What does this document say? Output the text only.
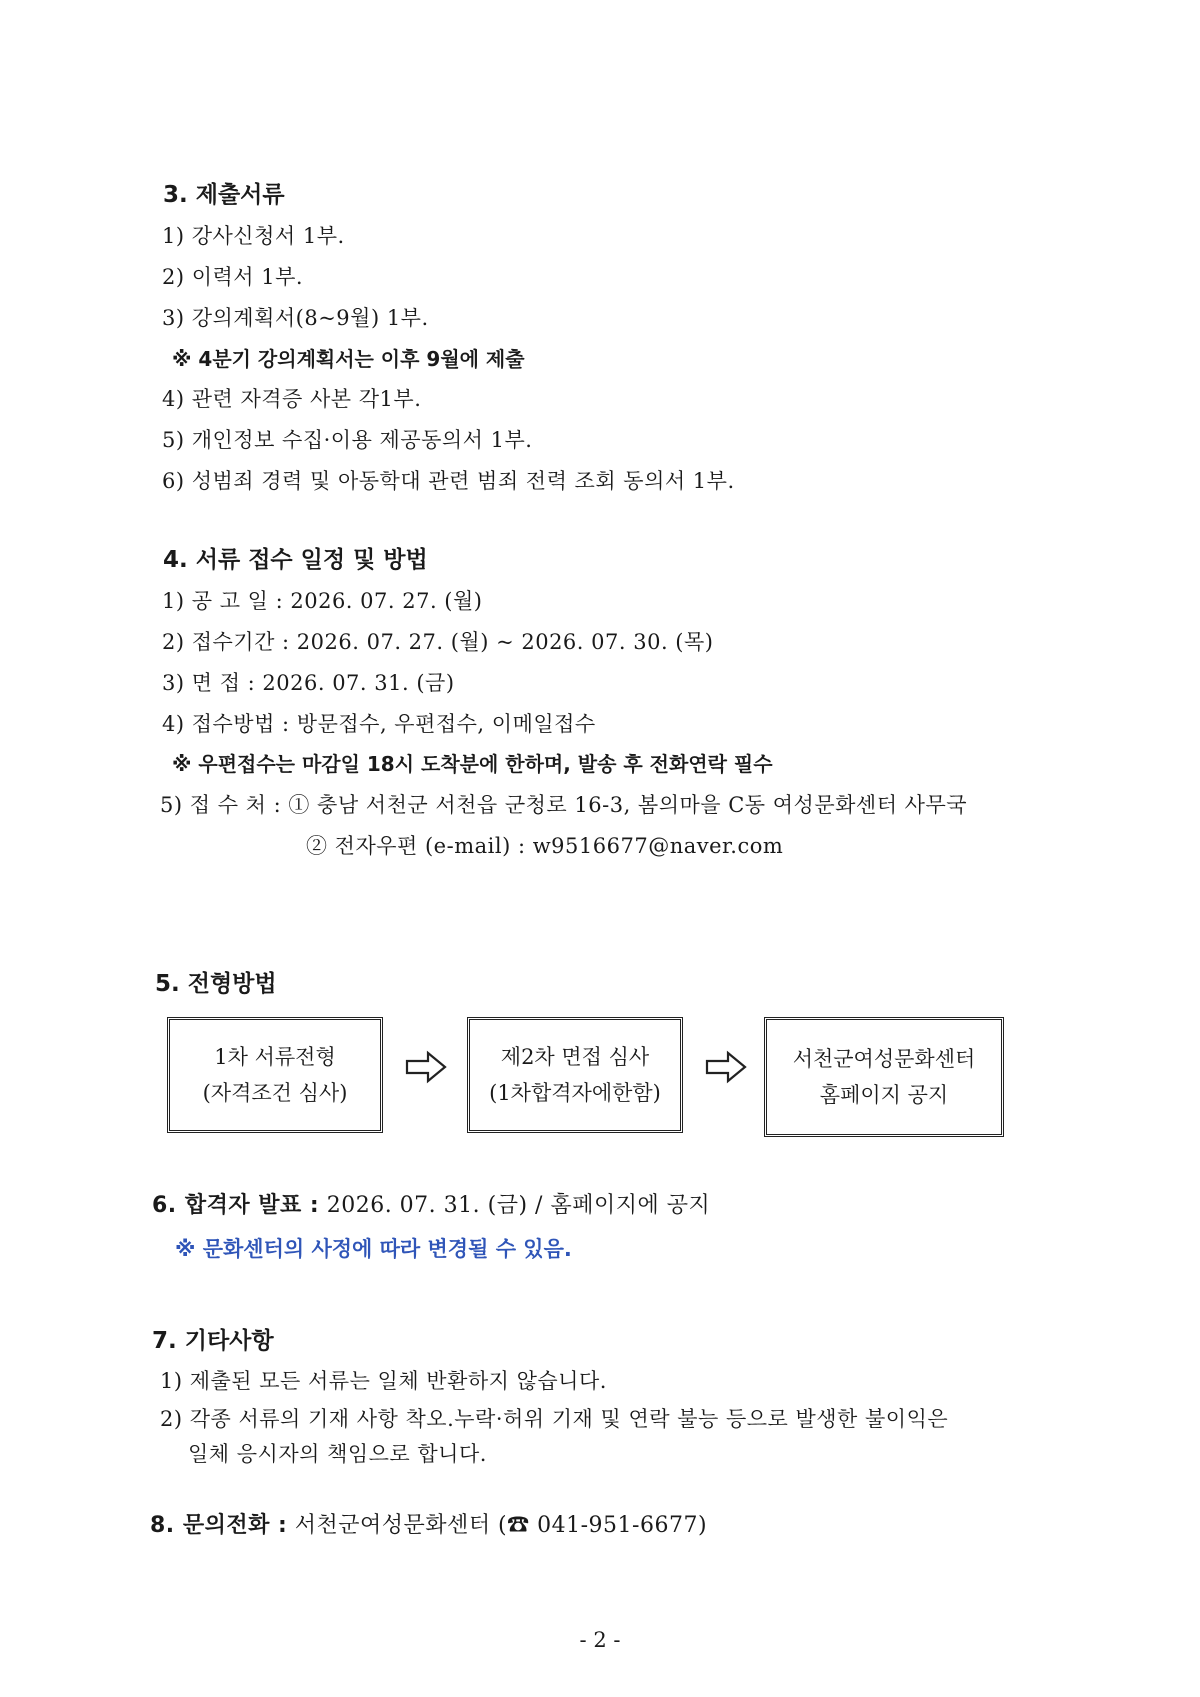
3. 제출서류
1) 강사신청서 1부.
2) 이력서 1부.
3) 강의계획서(8~9월) 1부.
※ 4분기 강의계획서는 이후 9월에 제출
4) 관련 자격증 사본 각1부.
5) 개인정보 수집·이용 제공동의서 1부.
6) 성범죄 경력 및 아동학대 관련 범죄 전력 조회 동의서 1부.
4. 서류 접수 일정 및 방법
1) 공 고 일 : 2026. 07. 27. (월)
2) 접수기간 : 2026. 07. 27. (월) ~ 2026. 07. 30. (목)
3) 면 접 : 2026. 07. 31. (금)
4) 접수방법 : 방문접수, 우편접수, 이메일접수
※ 우편접수는 마감일 18시 도착분에 한하며, 발송 후 전화연락 필수
5) 접 수 처 : ① 충남 서천군 서천읍 군청로 16-3, 봄의마을 C동 여성문화센터 사무국
② 전자우편 (e-mail) : w9516677@naver.com
5. 전형방법
1차 서류전형
(자격조건 심사)
제2차 면접 심사
(1차합격자에한함)
서천군여성문화센터
홈페이지 공지
6. 합격자 발표 : 2026. 07. 31. (금) / 홈페이지에 공지
※ 문화센터의 사정에 따라 변경될 수 있음.
7. 기타사항
1) 제출된 모든 서류는 일체 반환하지 않습니다.
2) 각종 서류의 기재 사항 착오.누락·허위 기재 및 연락 불능 등으로 발생한 불이익은
일체 응시자의 책임으로 합니다.
8. 문의전화 : 서천군여성문화센터 (☎ 041-951-6677)
- 2 -
